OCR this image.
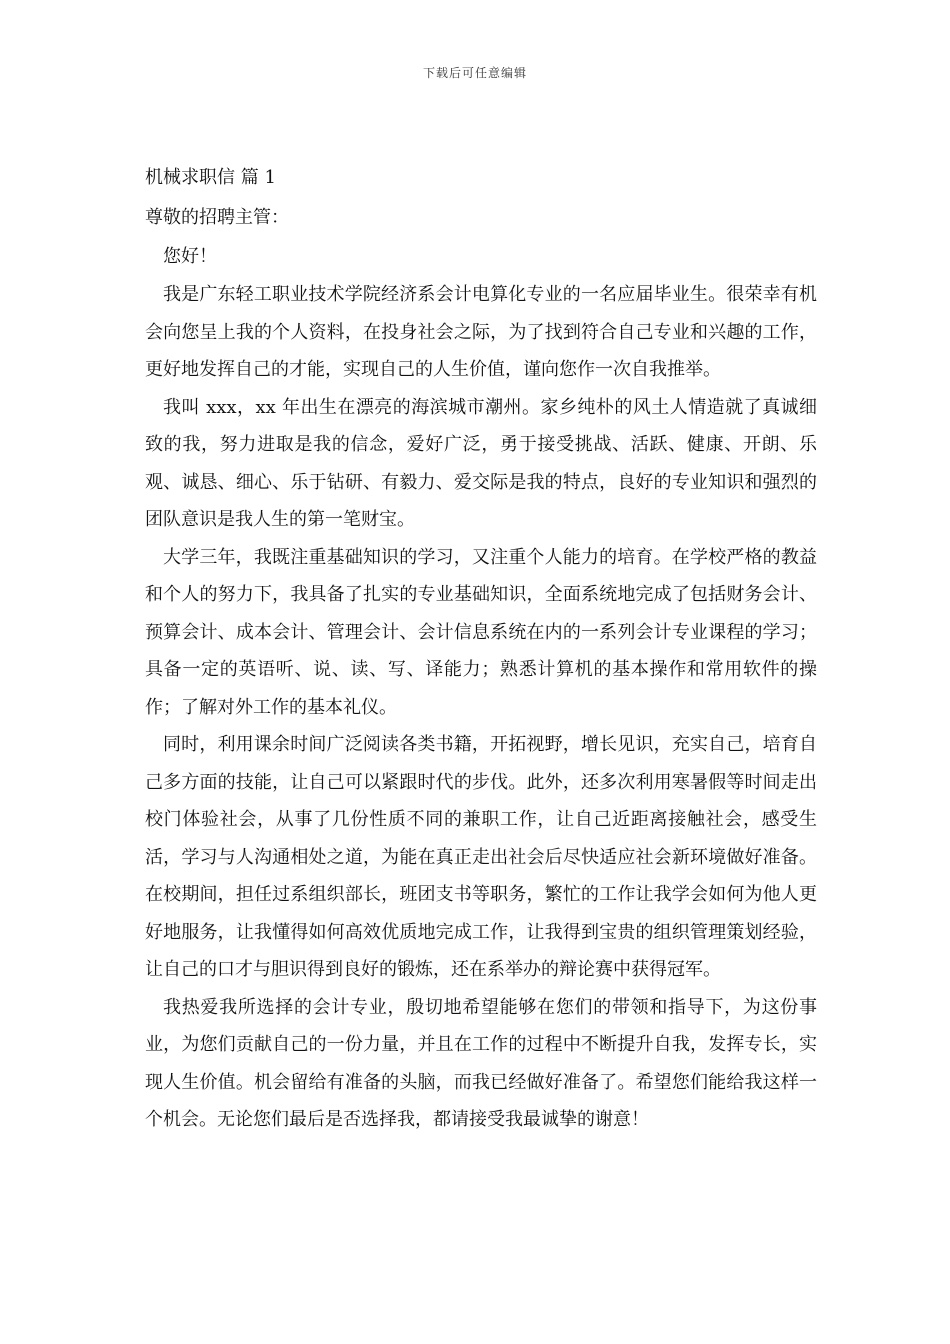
下载后可任意编辑

机械求职信 篇 1

尊敬的招聘主管：

您好！

我是广东轻工职业技术学院经济系会计电算化专业的一名应届毕业生。很荣幸有机会向您呈上我的个人资料，在投身社会之际，为了找到符合自己专业和兴趣的工作，更好地发挥自己的才能，实现自己的人生价值，谨向您作一次自我推举。

我叫 xxx，xx 年出生在漂亮的海滨城市潮州。家乡纯朴的风土人情造就了真诚细致的我，努力进取是我的信念，爱好广泛，勇于接受挑战、活跃、健康、开朗、乐观、诚恳、细心、乐于钻研、有毅力、爱交际是我的特点，良好的专业知识和强烈的团队意识是我人生的第一笔财宝。

大学三年，我既注重基础知识的学习，又注重个人能力的培育。在学校严格的教益和个人的努力下，我具备了扎实的专业基础知识，全面系统地完成了包括财务会计、预算会计、成本会计、管理会计、会计信息系统在内的一系列会计专业课程的学习；具备一定的英语听、说、读、写、译能力；熟悉计算机的基本操作和常用软件的操作；了解对外工作的基本礼仪。

同时，利用课余时间广泛阅读各类书籍，开拓视野，增长见识，充实自己，培育自己多方面的技能，让自己可以紧跟时代的步伐。此外，还多次利用寒暑假等时间走出校门体验社会，从事了几份性质不同的兼职工作，让自己近距离接触社会，感受生活，学习与人沟通相处之道，为能在真正走出社会后尽快适应社会新环境做好准备。在校期间，担任过系组织部长，班团支书等职务，繁忙的工作让我学会如何为他人更好地服务，让我懂得如何高效优质地完成工作，让我得到宝贵的组织管理策划经验，让自己的口才与胆识得到良好的锻炼，还在系举办的辩论赛中获得冠军。

我热爱我所选择的会计专业，殷切地希望能够在您们的带领和指导下，为这份事业，为您们贡献自己的一份力量，并且在工作的过程中不断提升自我，发挥专长，实现人生价值。机会留给有准备的头脑，而我已经做好准备了。希望您们能给我这样一个机会。无论您们最后是否选择我，都请接受我最诚挚的谢意！
